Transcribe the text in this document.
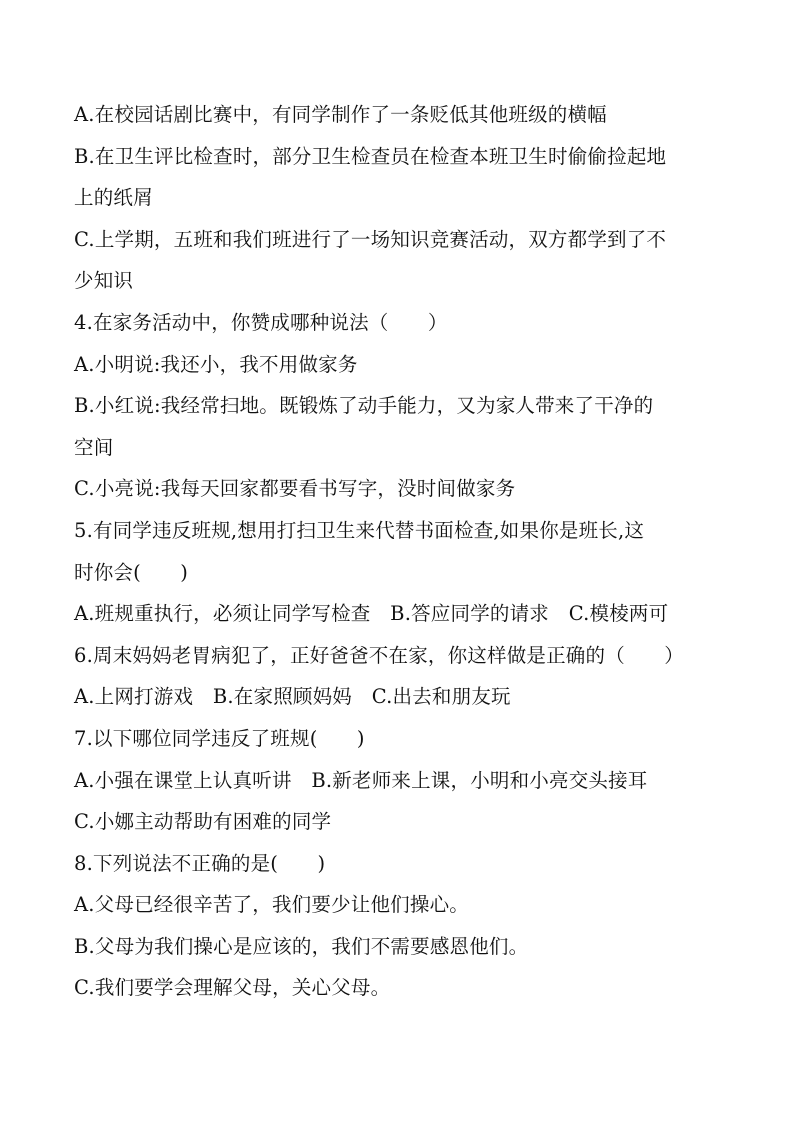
A.在校园话剧比赛中，有同学制作了一条贬低其他班级的横幅
B.在卫生评比检查时，部分卫生检查员在检查本班卫生时偷偷捡起地
上的纸屑
C.上学期，五班和我们班进行了一场知识竞赛活动，双方都学到了不
少知识
4.在家务活动中，你赞成哪种说法（　　）
A.小明说:我还小，我不用做家务
B.小红说:我经常扫地。既锻炼了动手能力，又为家人带来了干净的
空间
C.小亮说:我每天回家都要看书写字，没时间做家务
5.有同学违反班规,想用打扫卫生来代替书面检查,如果你是班长,这
时你会(　　)
A.班规重执行，必须让同学写检查　B.答应同学的请求　C.模棱两可
6.周末妈妈老胃病犯了，正好爸爸不在家，你这样做是正确的（　　）
A.上网打游戏　B.在家照顾妈妈　C.出去和朋友玩
7.以下哪位同学违反了班规(　　)
A.小强在课堂上认真听讲　B.新老师来上课，小明和小亮交头接耳
C.小娜主动帮助有困难的同学
8.下列说法不正确的是(　　)
A.父母已经很辛苦了，我们要少让他们操心。
B.父母为我们操心是应该的，我们不需要感恩他们。
C.我们要学会理解父母，关心父母。
